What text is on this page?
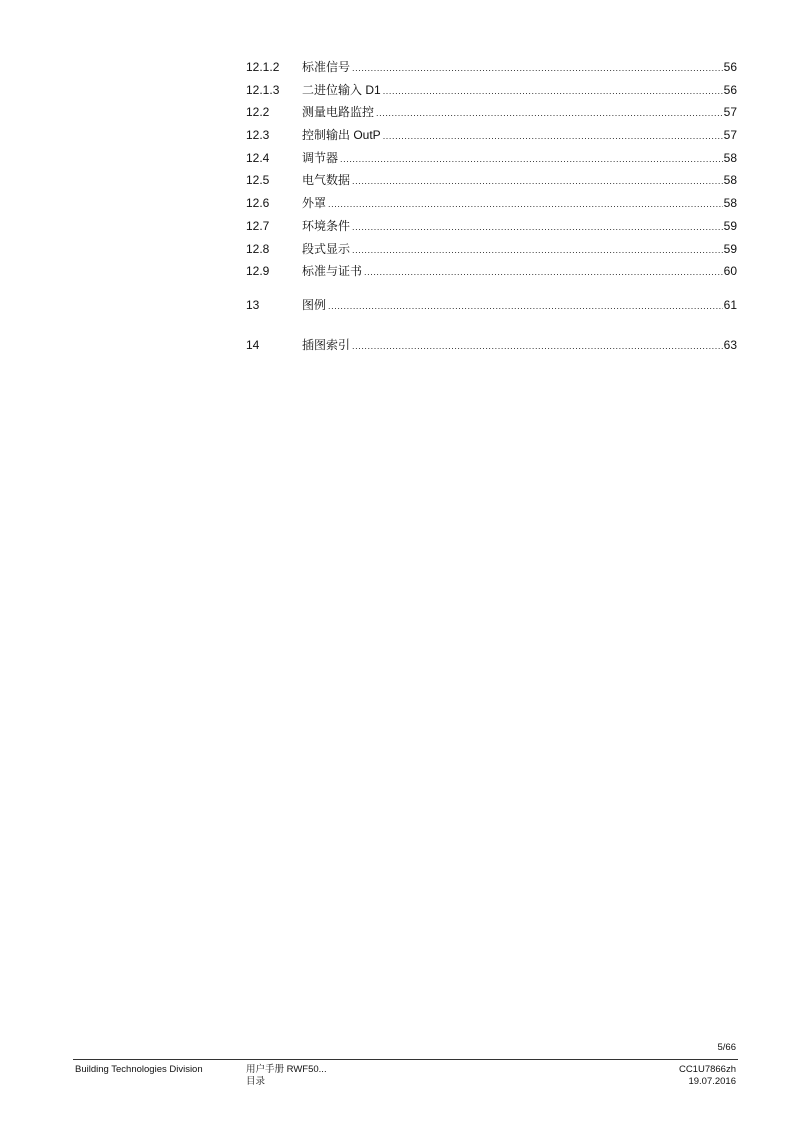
12.1.2	标准信号 .....	56
12.1.3	二进位输入 D1 .....	56
12.2	测量电路监控 .....	57
12.3	控制输出 OutP .....	57
12.4	调节器 .....	58
12.5	电气数据 .....	58
12.6	外罩 .....	58
12.7	环境条件 .....	59
12.8	段式显示 .....	59
12.9	标准与证书 .....	60
13	图例 .....	61
14	插图索引 .....	63
5/66
Building Technologies Division	用户手册 RWF50...
目录
CC1U7866zh
19.07.2016
